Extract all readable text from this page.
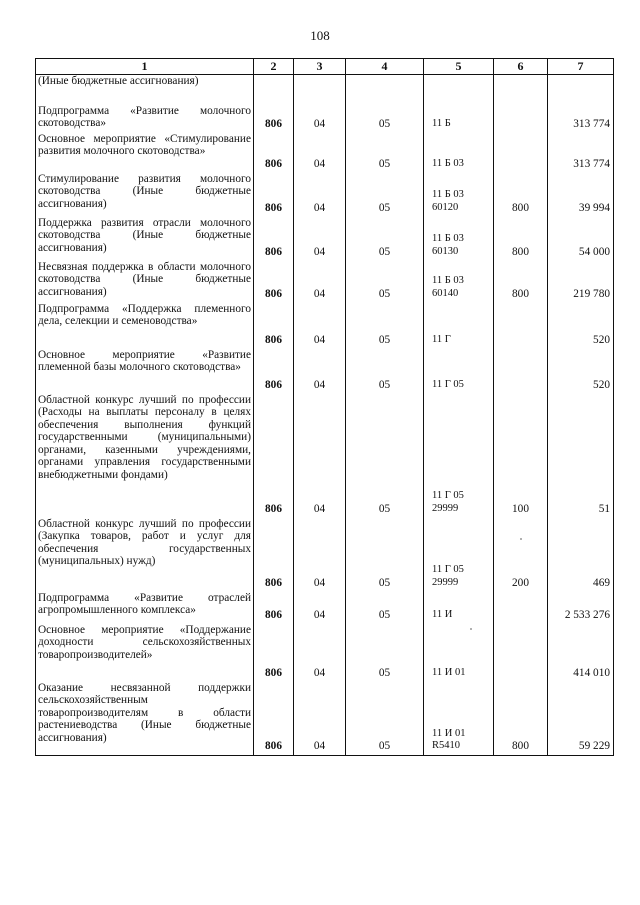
108
1	2	3	4	5	6	7
(Иные бюджетные ассигнования)						
Подпрограмма «Развитие молочного скотоводства»	806	04	05	11 Б		313 774
Основное мероприятие «Стимулирование развития молочного скотоводства»	806	04	05	11 Б 03		313 774
Стимулирование развития молочного скотоводства (Иные бюджетные ассигнования)	806	04	05	11 Б 03 60120	800	39 994
Поддержка развития отрасли молочного скотоводства (Иные бюджетные ассигнования)	806	04	05	11 Б 03 60130	800	54 000
Несвязная поддержка в области молочного скотоводства (Иные бюджетные ассигнования)	806	04	05	11 Б 03 60140	800	219 780
Подпрограмма «Поддержка племенного дела, селекции и семеноводства»	806	04	05	11 Г		520
Основное мероприятие «Развитие племенной базы молочного скотоводства»	806	04	05	11 Г 05		520
Областной конкурс лучший по профессии (Расходы на выплаты персоналу в целях обеспечения выполнения функций государственными (муниципальными) органами, казенными учреждениями, органами управления государственными внебюджетными фондами)	806	04	05	11 Г 05 29999	100	51
Областной конкурс лучший по профессии (Закупка товаров, работ и услуг для обеспечения государственных (муниципальных) нужд)	806	04	05	11 Г 05 29999	200	469
Подпрограмма «Развитие отраслей агропромышленного комплекса»	806	04	05	11 И		2 533 276
Основное мероприятие «Поддержание доходности сельскохозяйственных товаропроизводителей»	806	04	05	11 И 01		414 010
Оказание несвязанной поддержки сельскохозяйственным товаропроизводителям в области растениеводства (Иные бюджетные ассигнования)	806	04	05	11 И 01 R5410	800	59 229
